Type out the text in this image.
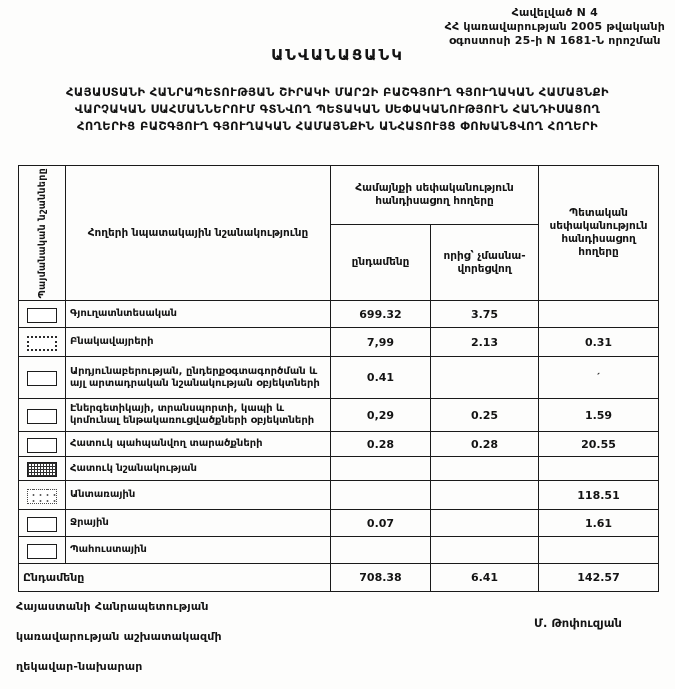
Հավելված N 4
ՀՀ կառավարության 2005 թվականի
օգոստոսի 25-ի N 1681-Ն որոշման
ԱՆՎԱՆԱՑԱՆԿ
ՀԱՅԱՍՏԱՆԻ ՀԱՆՐԱՊԵՏՈՒԹՅԱՆ ՇԻՐԱԿԻ ՄԱՐԶԻ ԲԱՇԳՅՈՒՂ ԳՅՈՒՂԱԿԱՆ ՀԱՄԱՅՆՔԻ
ՎԱՐՉԱԿԱՆ ՍԱՀՄԱՆՆԵՐՈՒՄ ԳՏՆՎՈՂ ՊԵՏԱԿԱՆ ՍԵՓԱԿԱՆՈՒԹՅՈՒՆ ՀԱՆԴԻՍԱՑՈՂ
ՀՈՂԵՐԻՑ ԲԱՇԳՅՈՒՂ ԳՅՈՒՂԱԿԱՆ ՀԱՄԱՅՆՔԻՆ ԱՆՀԱՏՈՒՅՑ ՓՈԽԱՆՑՎՈՂ ՀՈՂԵՐԻ
Պայմանական նշանները	Հողերի նպատակային նշանակությունը	Համայնքի սեփականություն հանդիսացող հողերը		Պետական սեփականություն հանդիսացող հողերը
		ընդամենը	որից՝ չմասնա-վորեցվող	
	Գյուղատնտեսական	699.32	3.75	
	Բնակավայրերի	7,99	2.13	0.31
	Արդյունաբերության, ընդերքօգտագործման և այլ արտադրական նշանակության օբյեկտների	0.41		՛
	Էներգետիկայի, տրանսպորտի, կապի և կոմունալ ենթակառուցվածքների օբյեկտների	0,29	0.25	1.59
	Հատուկ պահպանվող տարածքների	0.28	0.28	20.55
	Հատուկ նշանակության			
	Անտառային			118.51
	Ջրային	0.07		1.61
	Պահուստային			
Ընդամենը		708.38	6.41	142.57

Հայաստանի Հանրապետության

կառավարության աշխատակազմի

ղեկավար-նախարար

Մ. Թոփուզյան
